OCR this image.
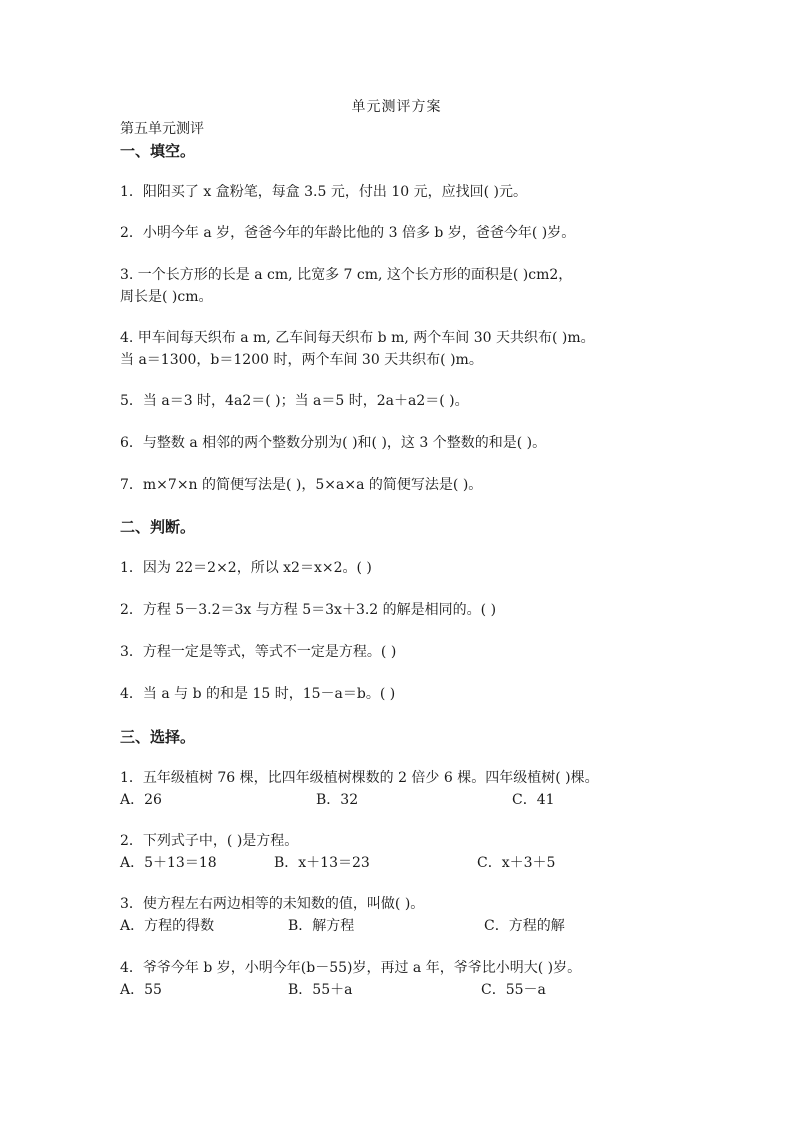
单元测评方案
第五单元测评
一、填空。
1．阳阳买了 x 盒粉笔，每盒 3.5 元，付出 10 元，应找回( )元。
2．小明今年 a 岁，爸爸今年的年龄比他的 3 倍多 b 岁，爸爸今年( )岁。
3. 一个长方形的长是 a cm, 比宽多 7 cm, 这个长方形的面积是( )cm2，
周长是( )cm。
4. 甲车间每天织布 a m, 乙车间每天织布 b m, 两个车间 30 天共织布( )m。
当 a＝1300，b＝1200 时，两个车间 30 天共织布( )m。
5．当 a＝3 时，4a2＝( )；当 a＝5 时，2a＋a2＝( )。
6．与整数 a 相邻的两个整数分别为( )和( )，这 3 个整数的和是( )。
7．m×7×n 的简便写法是( )，5×a×a 的简便写法是( )。
二、判断。
1．因为 22＝2×2，所以 x2＝x×2。( )
2．方程 5－3.2＝3x 与方程 5＝3x＋3.2 的解是相同的。( )
3．方程一定是等式，等式不一定是方程。( )
4．当 a 与 b 的和是 15 时，15－a＝b。( )
三、选择。
1．五年级植树 76 棵，比四年级植树棵数的 2 倍少 6 棵。四年级植树( )棵。
A．26	B．32	C．41
2．下列式子中，( )是方程。
A．5＋13＝18	B．x＋13＝23	C．x＋3＋5
3．使方程左右两边相等的未知数的值，叫做( )。
A．方程的得数	B．解方程	C．方程的解
4．爷爷今年 b 岁，小明今年(b－55)岁，再过 a 年，爷爷比小明大( )岁。
A．55	B．55＋a	C．55－a
